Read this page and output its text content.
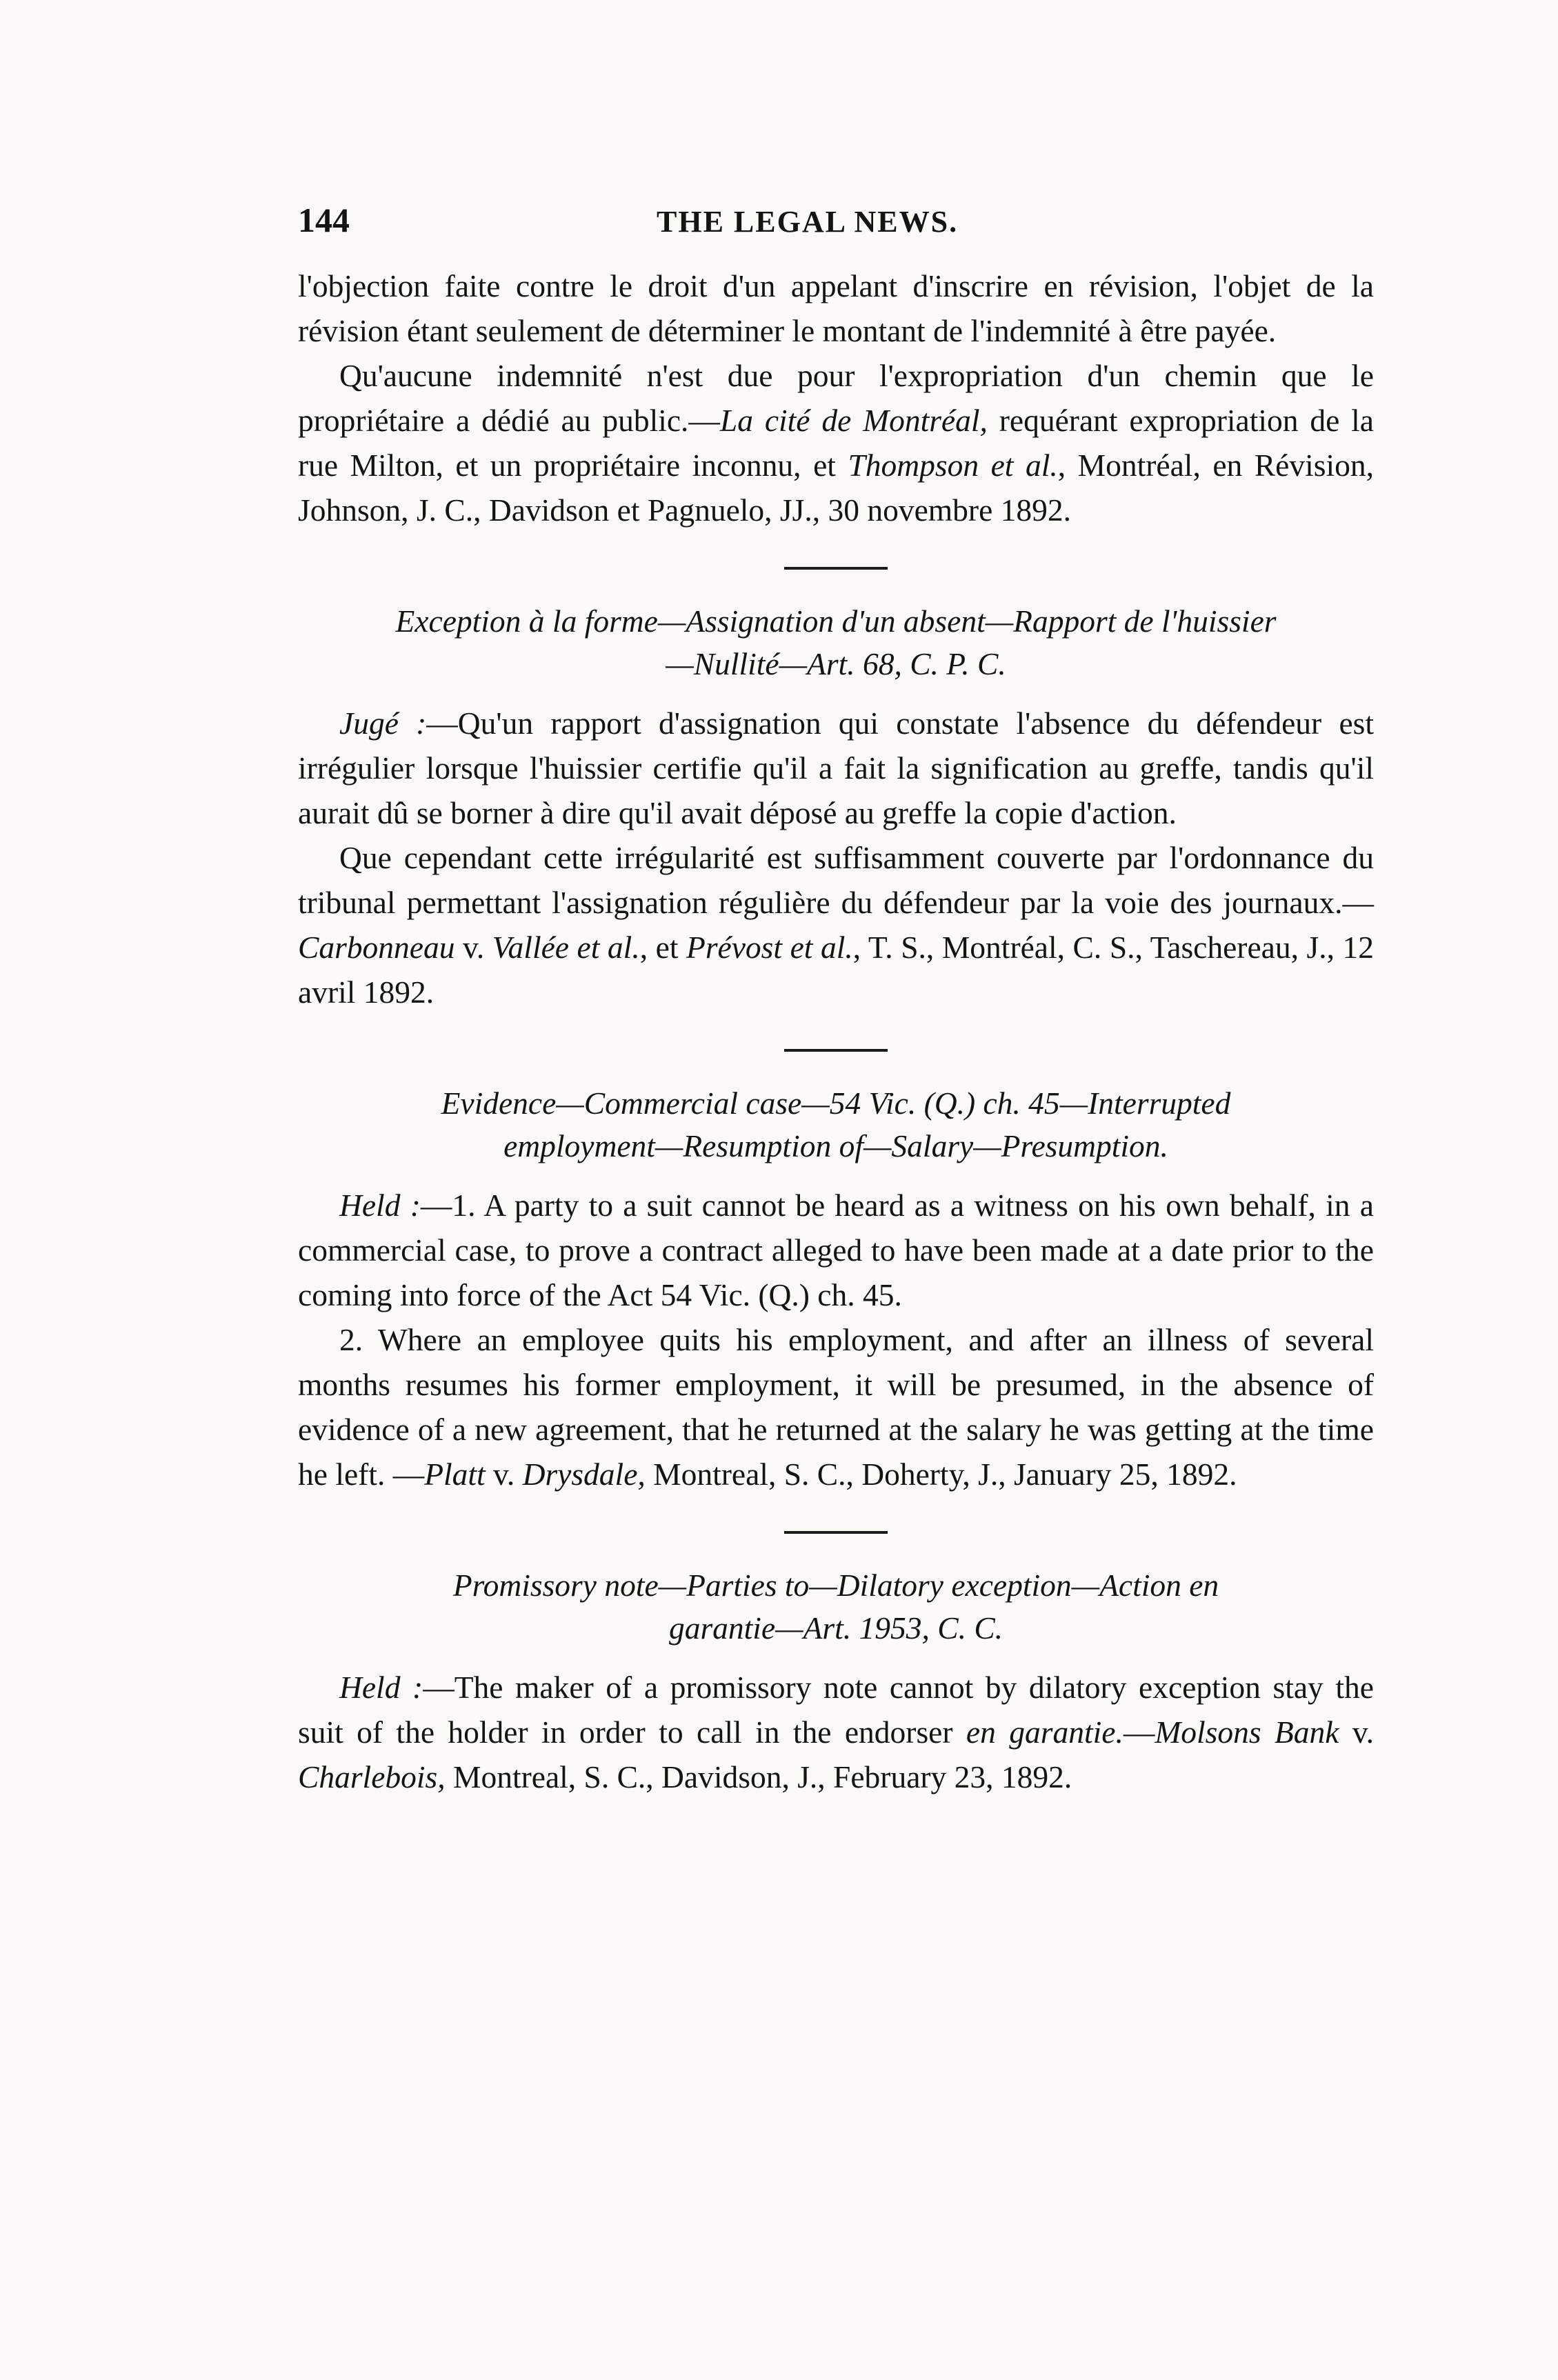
144	THE LEGAL NEWS.

l'objection faite contre le droit d'un appelant d'inscrire en révision, l'objet de la révision étant seulement de déterminer le montant de l'indemnité à être payée.

Qu'aucune indemnité n'est due pour l'expropriation d'un chemin que le propriétaire a dédié au public.—La cité de Montréal, requérant expropriation de la rue Milton, et un propriétaire inconnu, et Thompson et al., Montréal, en Révision, Johnson, J. C., Davidson et Pagnuelo, JJ., 30 novembre 1892.

Exception à la forme—Assignation d'un absent—Rapport de l'huissier
—Nullité—Art. 68, C. P. C.

Jugé :—Qu'un rapport d'assignation qui constate l'absence du défendeur est irrégulier lorsque l'huissier certifie qu'il a fait la signification au greffe, tandis qu'il aurait dû se borner à dire qu'il avait déposé au greffe la copie d'action.

Que cependant cette irrégularité est suffisamment couverte par l'ordonnance du tribunal permettant l'assignation régulière du défendeur par la voie des journaux.—Carbonneau v. Vallée et al., et Prévost et al., T. S., Montréal, C. S., Taschereau, J., 12 avril 1892.

Evidence—Commercial case—54 Vic. (Q.) ch. 45—Interrupted
employment—Resumption of—Salary—Presumption.

Held :—1. A party to a suit cannot be heard as a witness on his own behalf, in a commercial case, to prove a contract alleged to have been made at a date prior to the coming into force of the Act 54 Vic. (Q.) ch. 45.

2. Where an employee quits his employment, and after an illness of several months resumes his former employment, it will be presumed, in the absence of evidence of a new agreement, that he returned at the salary he was getting at the time he left. —Platt v. Drysdale, Montreal, S. C., Doherty, J., January 25, 1892.

Promissory note—Parties to—Dilatory exception—Action en
garantie—Art. 1953, C. C.

Held :—The maker of a promissory note cannot by dilatory exception stay the suit of the holder in order to call in the endorser en garantie.—Molsons Bank v. Charlebois, Montreal, S. C., Davidson, J., February 23, 1892.
